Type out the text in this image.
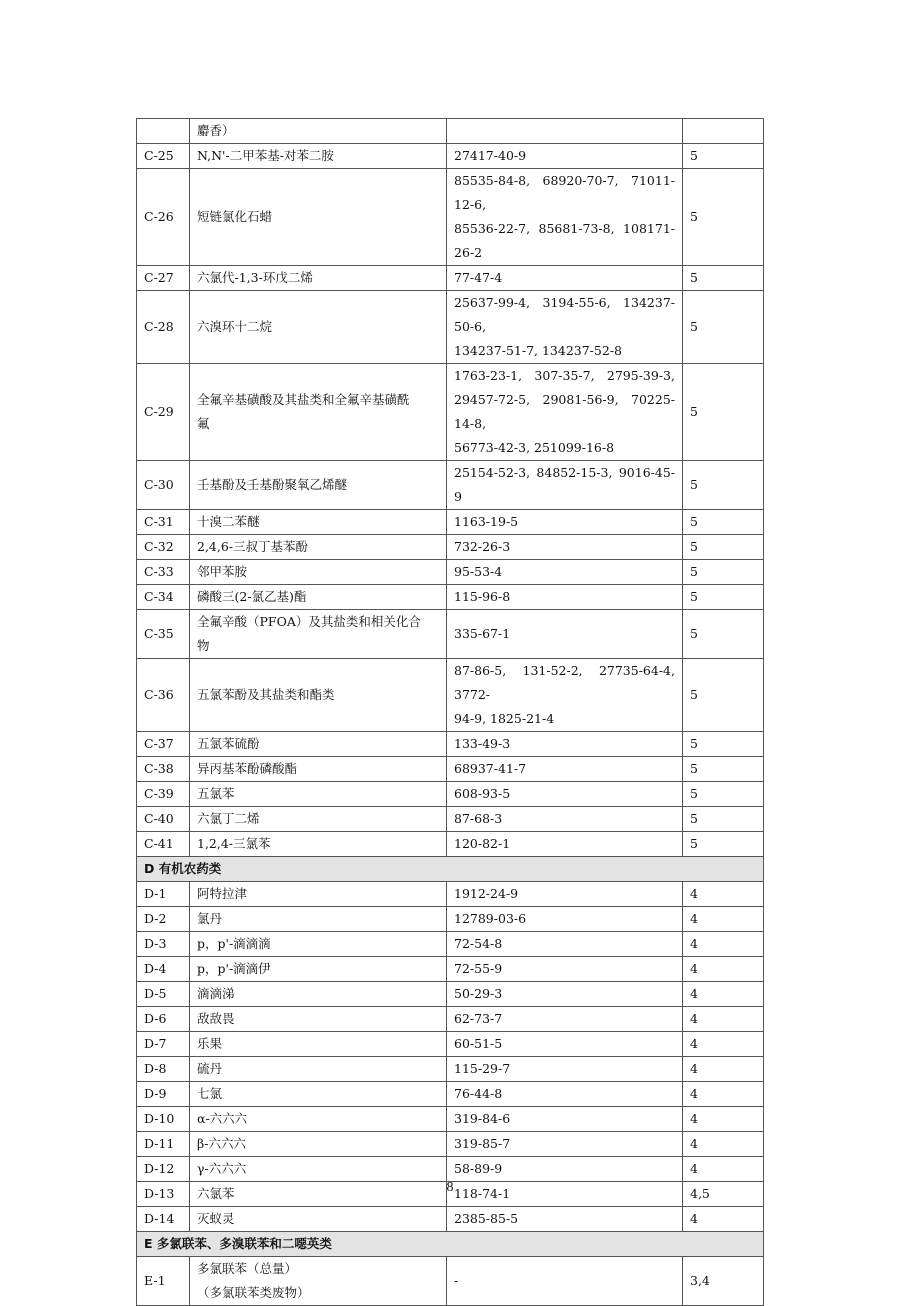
	麝香）		

C-25	N,N'-二甲苯基-对苯二胺	27417-40-9	5
C-26	短链氯化石蜡	85535-84-8, 68920-70-7, 71011-12-6,
85536-22-7, 85681-73-8, 108171-26-2	5
C-27	六氯代-1,3-环戊二烯	77-47-4	5
C-28	六溴环十二烷	25637-99-4, 3194-55-6, 134237-50-6,
134237-51-7, 134237-52-8	5
C-29	全氟辛基磺酸及其盐类和全氟辛基磺酰
氟	1763-23-1, 307-35-7, 2795-39-3,
29457-72-5, 29081-56-9, 70225-14-8,
56773-42-3, 251099-16-8	5
C-30	壬基酚及壬基酚聚氧乙烯醚	25154-52-3, 84852-15-3, 9016-45-9	5
C-31	十溴二苯醚	1163-19-5	5
C-32	2,4,6-三叔丁基苯酚	732-26-3	5
C-33	邻甲苯胺	95-53-4	5
C-34	磷酸三(2-氯乙基)酯	115-96-8	5
C-35	全氟辛酸（PFOA）及其盐类和相关化合
物	335-67-1	5
C-36	五氯苯酚及其盐类和酯类	87-86-5, 131-52-2, 27735-64-4, 3772-
94-9, 1825-21-4	5
C-37	五氯苯硫酚	133-49-3	5
C-38	异丙基苯酚磷酸酯	68937-41-7	5
C-39	五氯苯	608-93-5	5
C-40	六氯丁二烯	87-68-3	5
C-41	1,2,4-三氯苯	120-82-1	5
D 有机农药类			
D-1	阿特拉津	1912-24-9	4
D-2	氯丹	12789-03-6	4
D-3	p，p'-滴滴滴	72-54-8	4
D-4	p，p'-滴滴伊	72-55-9	4
D-5	滴滴涕	50-29-3	4
D-6	敌敌畏	62-73-7	4
D-7	乐果	60-51-5	4
D-8	硫丹	115-29-7	4
D-9	七氯	76-44-8	4
D-10	α-六六六	319-84-6	4
D-11	β-六六六	319-85-7	4
D-12	γ-六六六	58-89-9	4
D-13	六氯苯	118-74-1	4,5
D-14	灭蚁灵	2385-85-5	4
E 多氯联苯、多溴联苯和二噁英类			
E-1	多氯联苯（总量）
（多氯联苯类废物）	-	3,4
8
